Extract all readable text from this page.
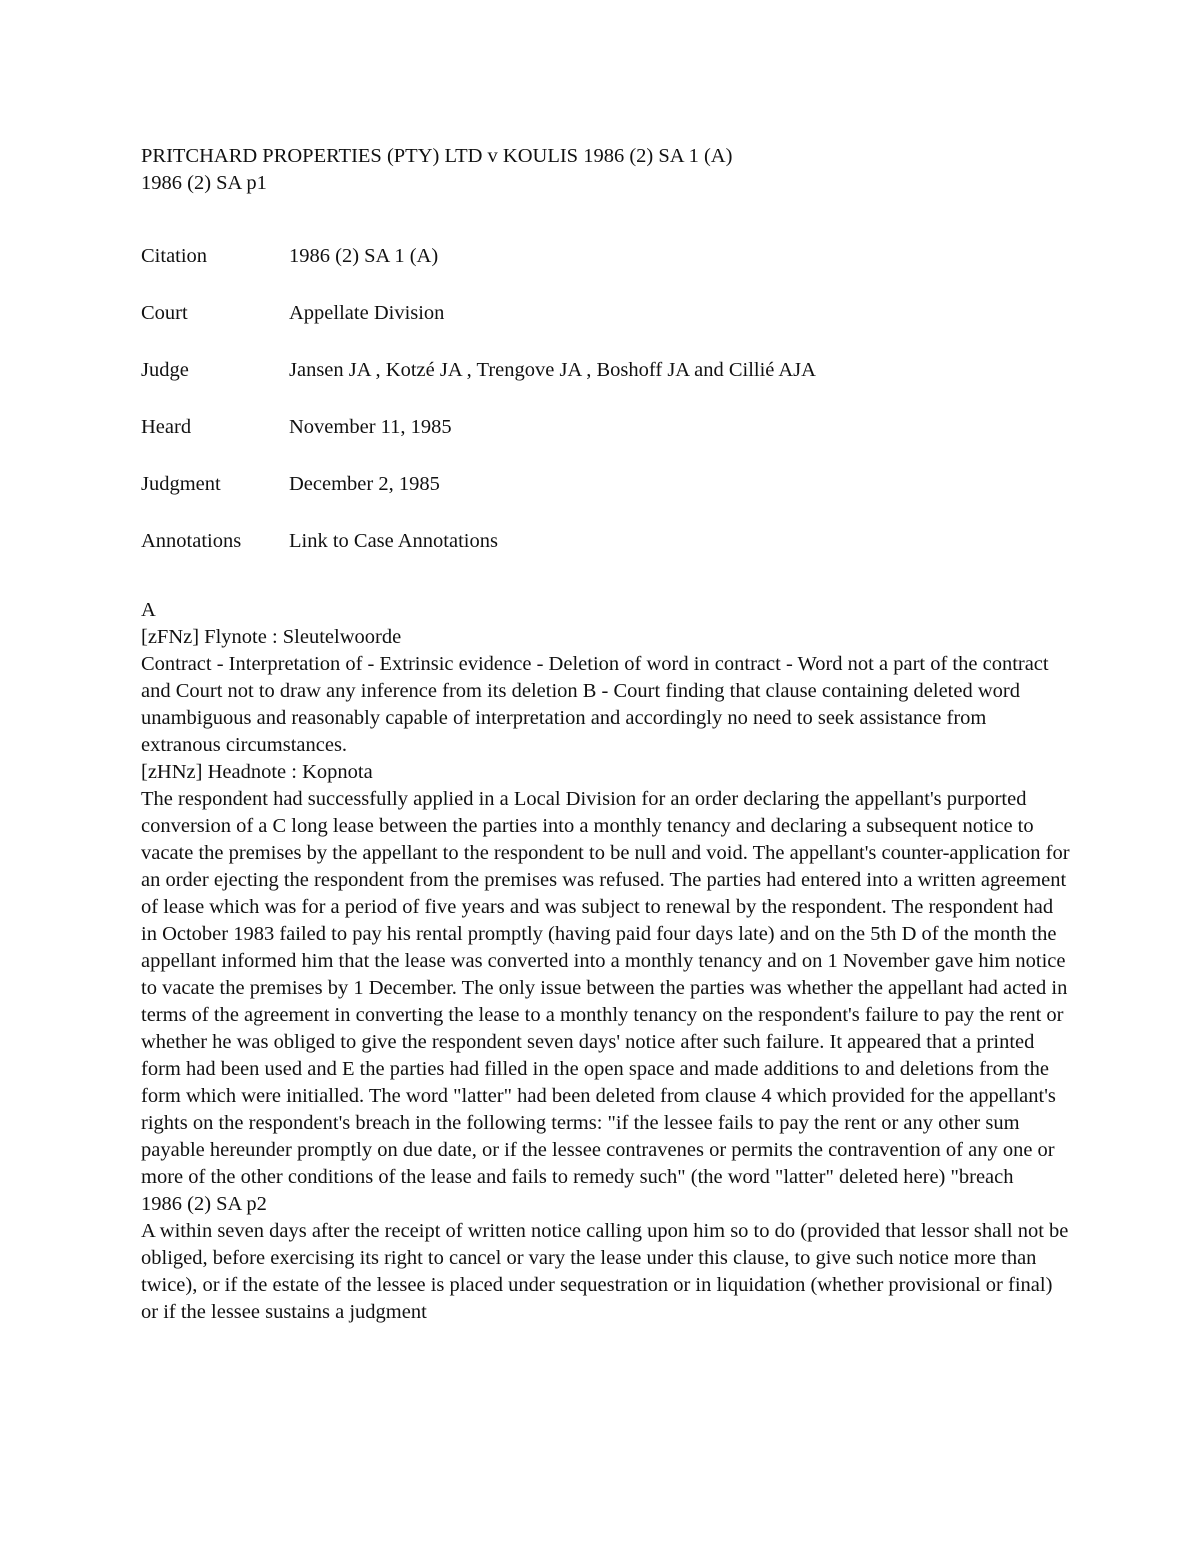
PRITCHARD PROPERTIES (PTY) LTD v KOULIS 1986 (2) SA 1 (A)

1986 (2) SA p1

Citation	1986 (2) SA 1 (A)
Court	Appellate Division
Judge	Jansen JA , Kotzé JA , Trengove JA , Boshoff JA and Cillié AJA
Heard	November 11, 1985
Judgment	December 2, 1985
Annotations	Link to Case Annotations

A

[zFNz] Flynote : Sleutelwoorde

Contract - Interpretation of - Extrinsic evidence - Deletion of word in contract - Word not a part of the contract and Court not to draw any inference from its deletion B - Court finding that clause containing deleted word unambiguous and reasonably capable of interpretation and accordingly no need to seek assistance from extranous circumstances.

[zHNz] Headnote : Kopnota

The respondent had successfully applied in a Local Division for an order declaring the appellant's purported conversion of a C long lease between the parties into a monthly tenancy and declaring a subsequent notice to vacate the premises by the appellant to the respondent to be null and void. The appellant's counter-application for an order ejecting the respondent from the premises was refused. The parties had entered into a written agreement of lease which was for a period of five years and was subject to renewal by the respondent. The respondent had in October 1983 failed to pay his rental promptly (having paid four days late) and on the 5th D of the month the appellant informed him that the lease was converted into a monthly tenancy and on 1 November gave him notice to vacate the premises by 1 December. The only issue between the parties was whether the appellant had acted in terms of the agreement in converting the lease to a monthly tenancy on the respondent's failure to pay the rent or whether he was obliged to give the respondent seven days' notice after such failure. It appeared that a printed form had been used and E the parties had filled in the open space and made additions to and deletions from the form which were initialled. The word "latter" had been deleted from clause 4 which provided for the appellant's rights on the respondent's breach in the following terms: "if the lessee fails to pay the rent or any other sum payable hereunder promptly on due date, or if the lessee contravenes or permits the contravention of any one or more of the other conditions of the lease and fails to remedy such" (the word "latter" deleted here) "breach

1986 (2) SA p2

A within seven days after the receipt of written notice calling upon him so to do (provided that lessor shall not be obliged, before exercising its right to cancel or vary the lease under this clause, to give such notice more than twice), or if the estate of the lessee is placed under sequestration or in liquidation (whether provisional or final) or if the lessee sustains a judgment
